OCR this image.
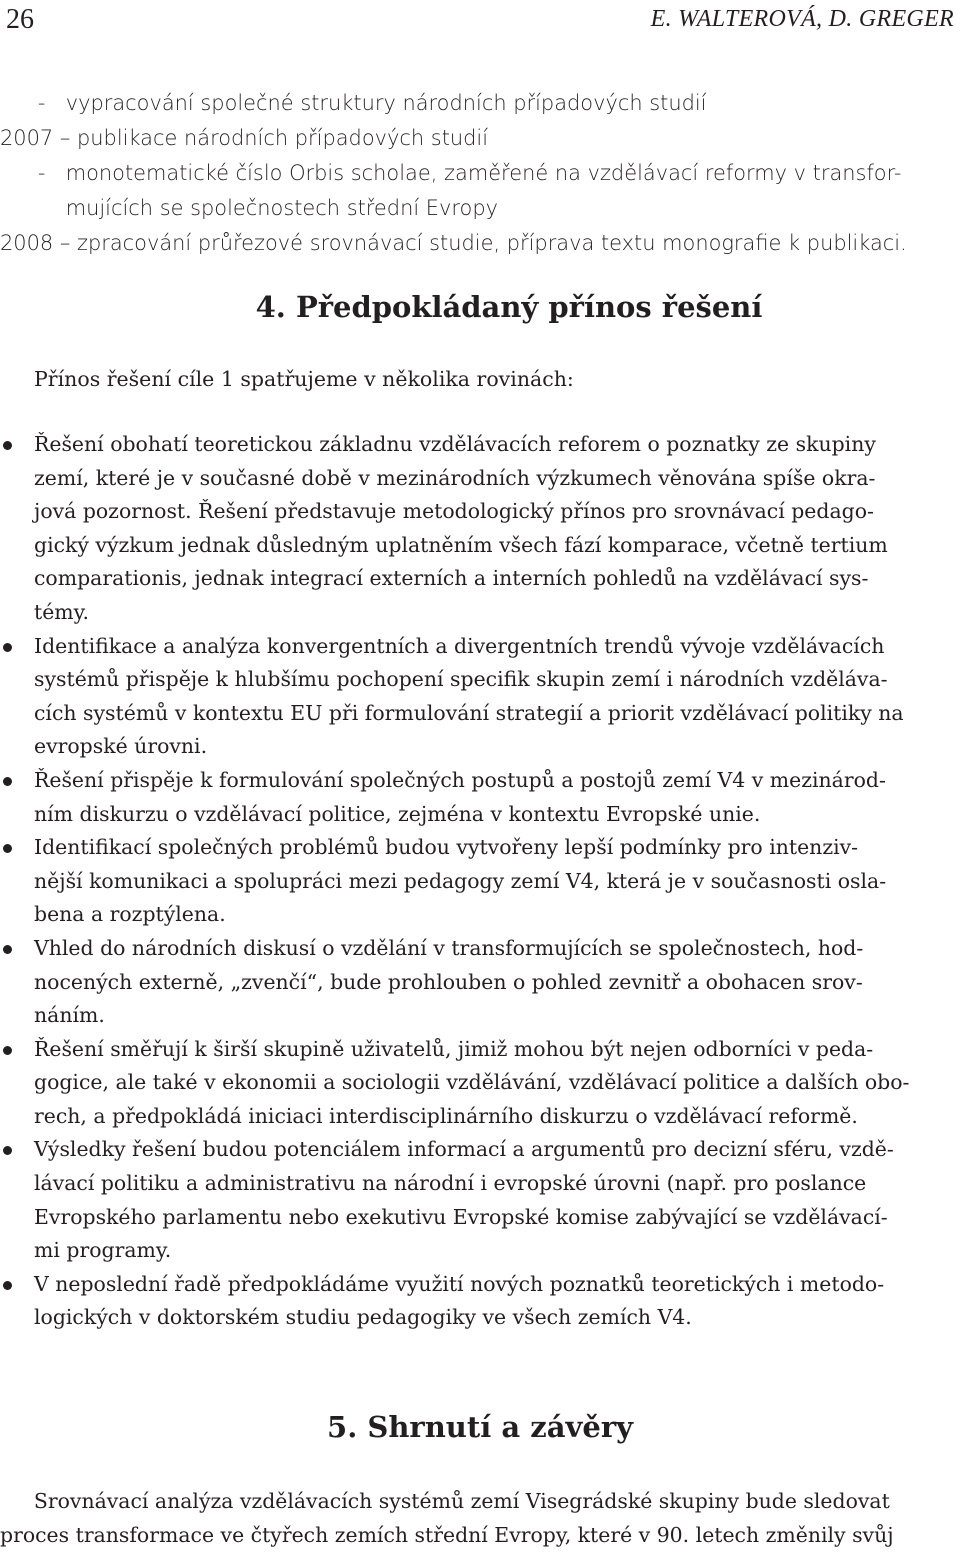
26	E. WALTEROVÁ, D. GREGER
- vypracování společné struktury národních případových studií
2007 – publikace národních případových studií
- monotematické číslo Orbis scholae, zaměřené na vzdělávací reformy v transfor-
mujících se společnostech střední Evropy
2008 – zpracování průřezové srovnávací studie, příprava textu monografie k publikaci.
4. Předpokládaný přínos řešení
Přínos řešení cíle 1 spatřujeme v několika rovinách:
Řešení obohatí teoretickou základnu vzdělávacích reforem o poznatky ze skupiny
zemí, které je v současné době v mezinárodních výzkumech věnována spíše okra-
jová pozornost. Řešení představuje metodologický přínos pro srovnávací pedago-
gický výzkum jednak důsledným uplatněním všech fází komparace, včetně tertium
comparationis, jednak integrací externích a interních pohledů na vzdělávací sys-
témy.
Identifikace a analýza konvergentních a divergentních trendů vývoje vzdělávacích
systémů přispěje k hlubšímu pochopení specifik skupin zemí i národních vzděláva-
cích systémů v kontextu EU při formulování strategií a priorit vzdělávací politiky na
evropské úrovni.
Řešení přispěje k formulování společných postupů a postojů zemí V4 v mezinárod-
ním diskurzu o vzdělávací politice, zejména v kontextu Evropské unie.
Identifikací společných problémů budou vytvořeny lepší podmínky pro intenziv-
nější komunikaci a spolupráci mezi pedagogy zemí V4, která je v současnosti osla-
bena a rozptýlena.
Vhled do národních diskusí o vzdělání v transformujících se společnostech, hod-
nocených externě, „zvenčí“, bude prohlouben o pohled zevnitř a obohacen srov-
náním.
Řešení směřují k širší skupině uživatelů, jimiž mohou být nejen odborníci v peda-
gogice, ale také v ekonomii a sociologii vzdělávání, vzdělávací politice a dalších obo-
rech, a předpokládá iniciaci interdisciplinárního diskurzu o vzdělávací reformě.
Výsledky řešení budou potenciálem informací a argumentů pro decizní sféru, vzdě-
lávací politiku a administrativu na národní i evropské úrovni (např. pro poslance
Evropského parlamentu nebo exekutivu Evropské komise zabývající se vzdělávací-
mi programy.
V neposlední řadě předpokládáme využití nových poznatků teoretických i metodo-
logických v doktorském studiu pedagogiky ve všech zemích V4.
5. Shrnutí a závěry
Srovnávací analýza vzdělávacích systémů zemí Visegrádské skupiny bude sledovat
proces transformace ve čtyřech zemích střední Evropy, které v 90. letech změnily svůj
